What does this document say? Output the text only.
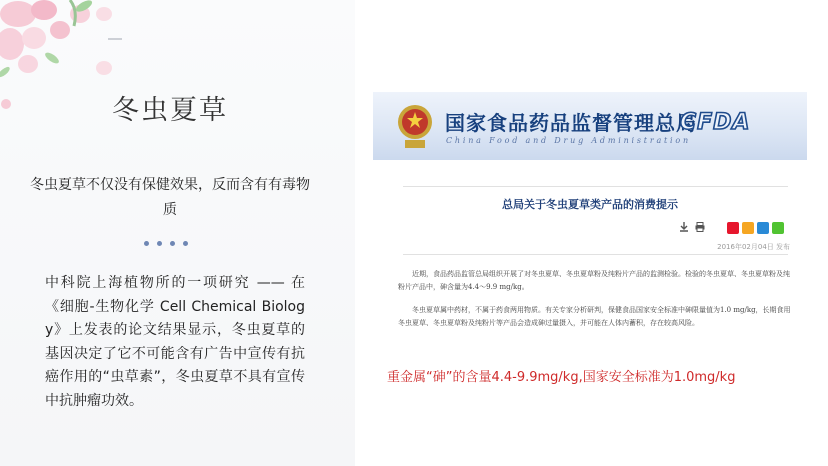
冬虫夏草
冬虫夏草不仅没有保健效果，反而含有有毒物质
中科院上海植物所的一项研究 —— 在《细胞-生物化学 Cell Chemical Biology》上发表的论文结果显示，冬虫夏草的基因决定了它不可能含有广告中宣传有抗癌作用的“虫草素”，冬虫夏草不具有宣传中抗肿瘤功效。
国家食品药品监督管理总局
China Food and Drug Administration
CFDA
总局关于冬虫夏草类产品的消费提示
2016年02月04日 发布
近期，食品药品监管总局组织开展了对冬虫夏草、冬虫夏草粉及纯粉片产品的监测检验。检验的冬虫夏草、冬虫夏草粉及纯粉片产品中，砷含量为4.4～9.9 mg/kg。
冬虫夏草属中药材，不属于药食两用物质。有关专家分析研判，保健食品国家安全标准中砷限量值为1.0 mg/kg，长期食用冬虫夏草、冬虫夏草粉及纯粉片等产品会造成砷过量摄入，并可能在人体内蓄积，存在较高风险。
重金属“砷”的含量4.4-9.9mg/kg,国家安全标准为1.0mg/kg
